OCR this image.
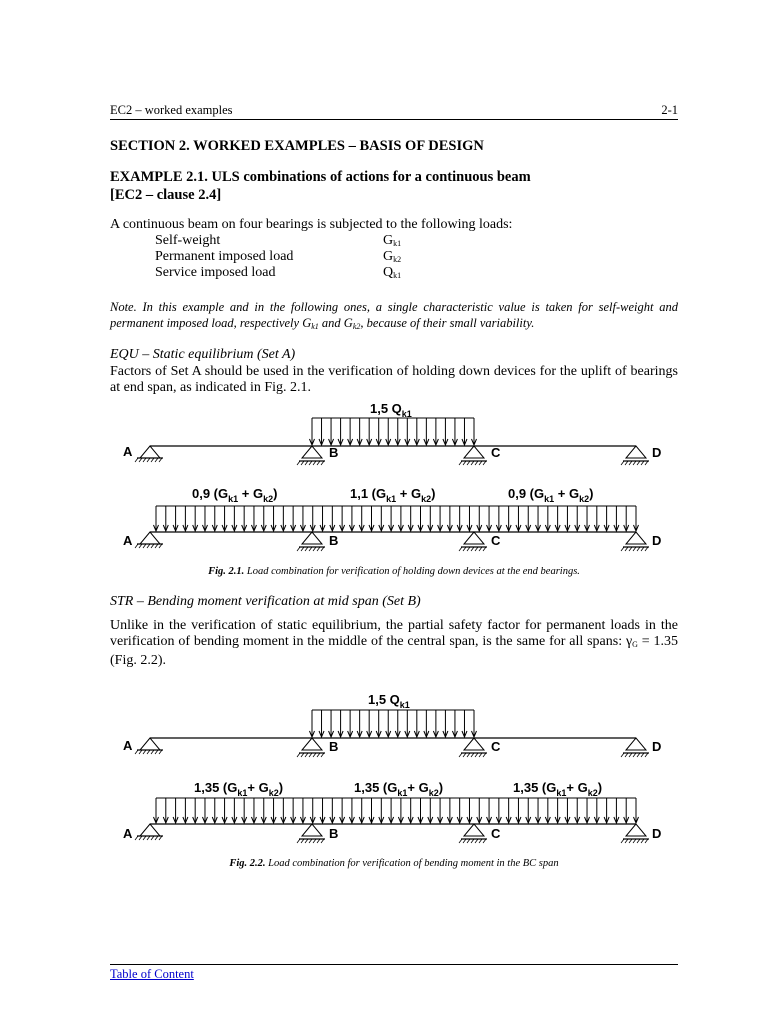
EC2 – worked examples	2-1
SECTION 2. WORKED EXAMPLES – BASIS OF DESIGN
EXAMPLE 2.1. ULS combinations of actions for a continuous beam
[EC2 – clause 2.4]
A continuous beam on four bearings is subjected to the following loads:
Self-weight	$G_{k1}$
Permanent imposed load	$G_{k2}$
Service imposed load	$Q_{k1}$
Note. In this example and in the following ones, a single characteristic value is taken for self-weight and permanent imposed load, respectively $G_{k1}$ and $G_{k2}$, because of their small variability.
EQU – Static equilibrium (Set A)
Factors of Set A should be used in the verification of holding down devices for the uplift of bearings at end span, as indicated in Fig. 2.1.
1,5 $Q_{k1}$
A	B	C	D
0,9 $(G_{k1} + G_{k2})$	1,1 $(G_{k1} + G_{k2})$	0,9 $(G_{k1} + G_{k2})$
A	B	C	D
Fig. 2.1. Load combination for verification of holding down devices at the end bearings.
STR – Bending moment verification at mid span (Set B)
Unlike in the verification of static equilibrium, the partial safety factor for permanent loads in the verification of bending moment in the middle of the central span, is the same for all spans: $\gamma_G = 1.35$ (Fig. 2.2).
1,5 $Q_{k1}$
A	B	C	D
1,35 $(G_{k1}+ G_{k2})$	1,35 $(G_{k1}+ G_{k2})$	1,35 $(G_{k1}+ G_{k2})$
A	B	C	D
Fig. 2.2. Load combination for verification of bending moment in the BC span
Table of Content
